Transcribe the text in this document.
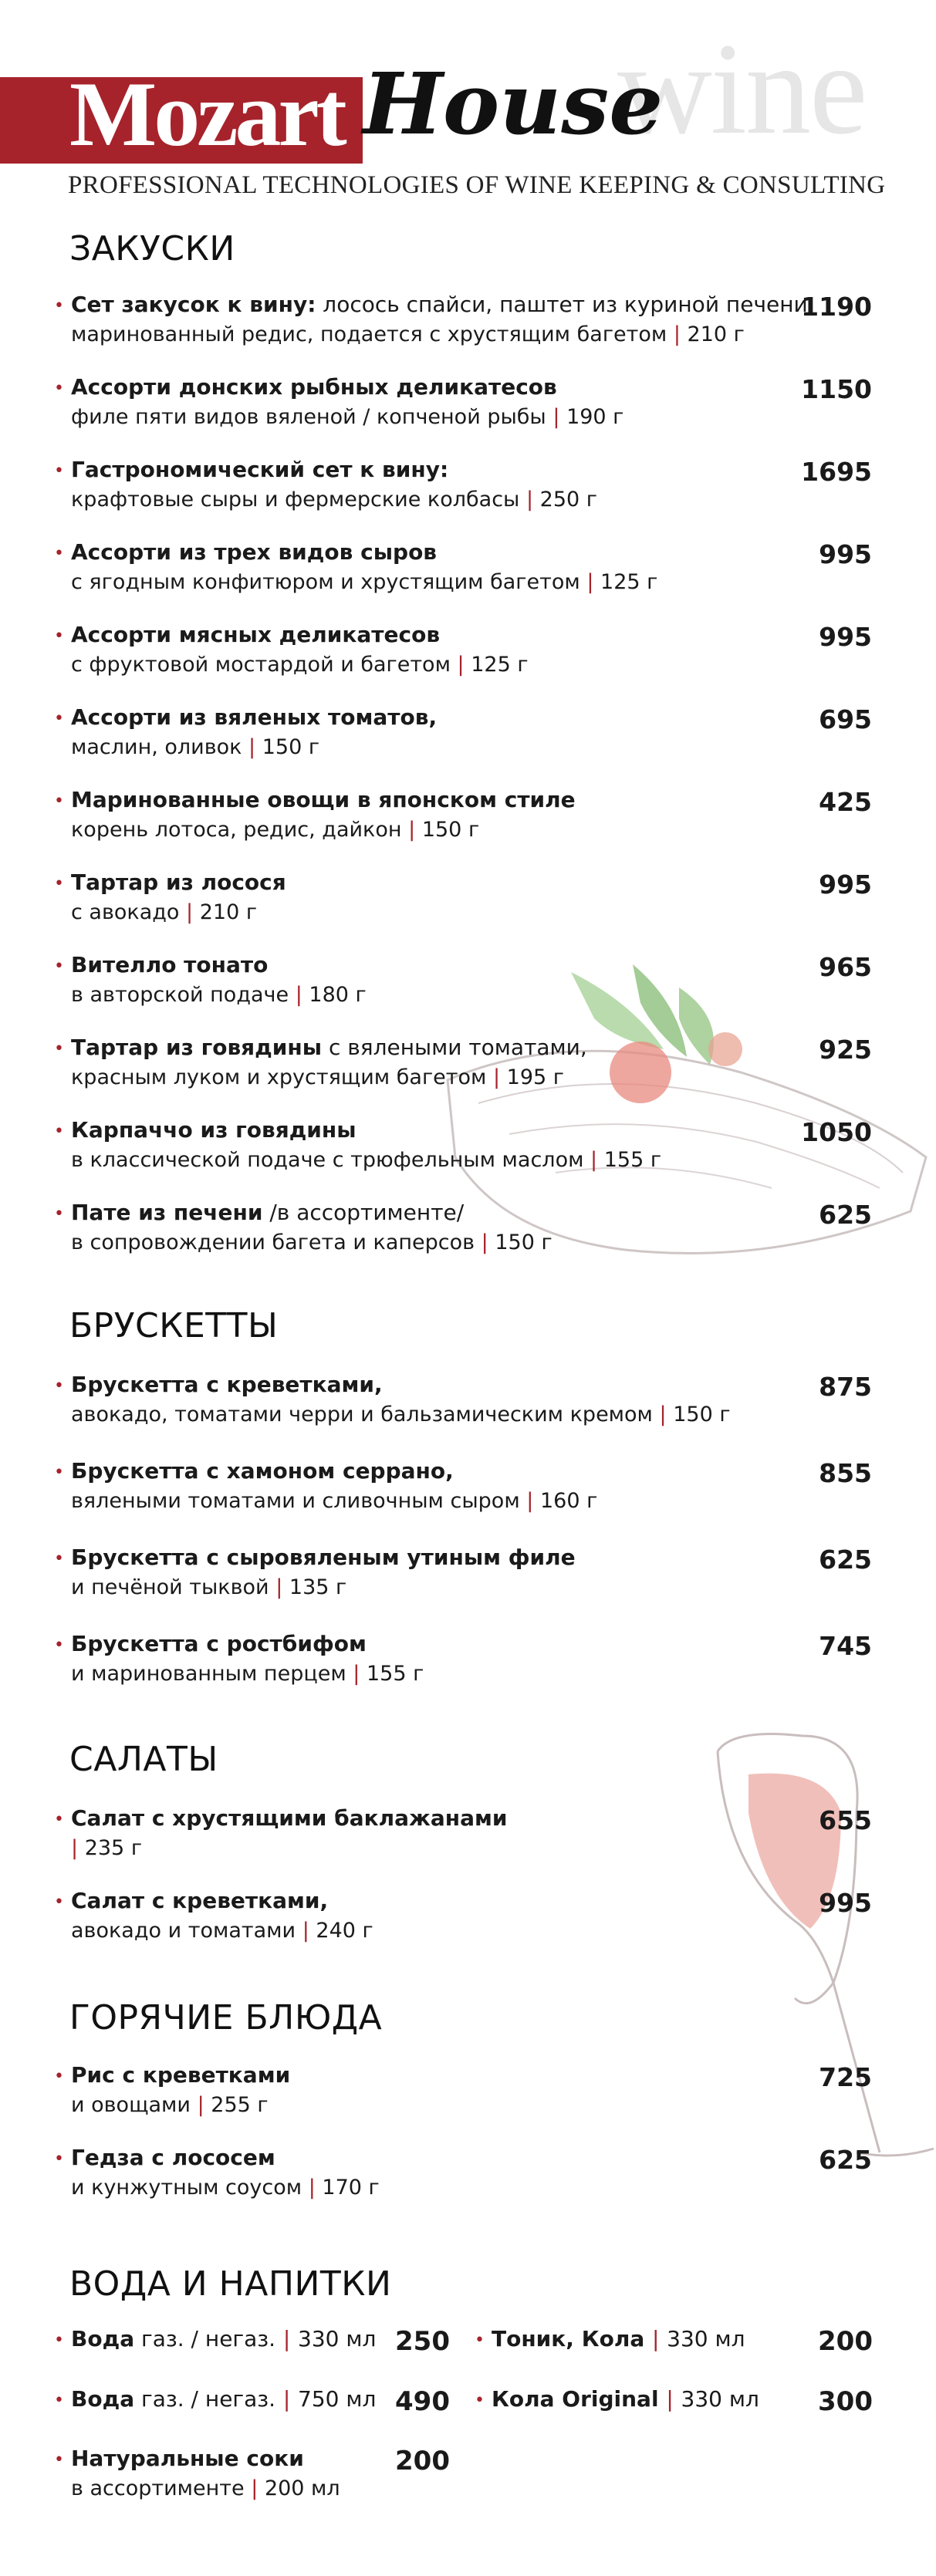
wine
Mozart House
PROFESSIONAL TECHNOLOGIES OF WINE KEEPING & CONSULTING
ЗАКУСКИ
• Сет закусок к вину: лосось спайси, паштет из куриной печени,
маринованный редис, подается с хрустящим багетом | 210 г
1190
• Ассорти донских рыбных деликатесов
филе пяти видов вяленой / копченой рыбы | 190 г
1150
• Гастрономический сет к вину:
крафтовые сыры и фермерские колбасы | 250 г
1695
• Ассорти из трех видов сыров
с ягодным конфитюром и хрустящим багетом | 125 г
995
• Ассорти мясных деликатесов
с фруктовой мостардой и багетом | 125 г
995
• Ассорти из вяленых томатов,
маслин, оливок | 150 г
695
• Маринованные овощи в японском стиле
корень лотоса, редис, дайкон | 150 г
425
• Тартар из лосося
с авокадо | 210 г
995
• Вителло тонато
в авторской подаче | 180 г
965
• Тартар из говядины с вялеными томатами,
красным луком и хрустящим багетом | 195 г
925
• Карпаччо из говядины
в классической подаче с трюфельным маслом | 155 г
1050
• Пате из печени /в ассортименте/
в сопровождении багета и каперсов | 150 г
625
БРУСКЕТТЫ
• Брускетта с креветками,
авокадо, томатами черри и бальзамическим кремом | 150 г
875
• Брускетта с хамоном серрано,
вялеными томатами и сливочным сыром | 160 г
855
• Брускетта с сыровяленым утиным филе
и печёной тыквой | 135 г
625
• Брускетта с ростбифом
и маринованным перцем | 155 г
745
САЛАТЫ
• Салат с хрустящими баклажанами
| 235 г
655
• Салат с креветками,
авокадо и томатами | 240 г
995
ГОРЯЧИЕ БЛЮДА
• Рис с креветками
и овощами | 255 г
725
• Гедза с лососем
и кунжутным соусом | 170 г
625
ВОДА И НАПИТКИ
• Вода газ. / негаз. | 330 мл 250
• Вода газ. / негаз. | 750 мл 490
• Натуральные соки
в ассортименте | 200 мл
200
• Тоник, Кола | 330 мл	200
• Кола Original | 330 мл 300
